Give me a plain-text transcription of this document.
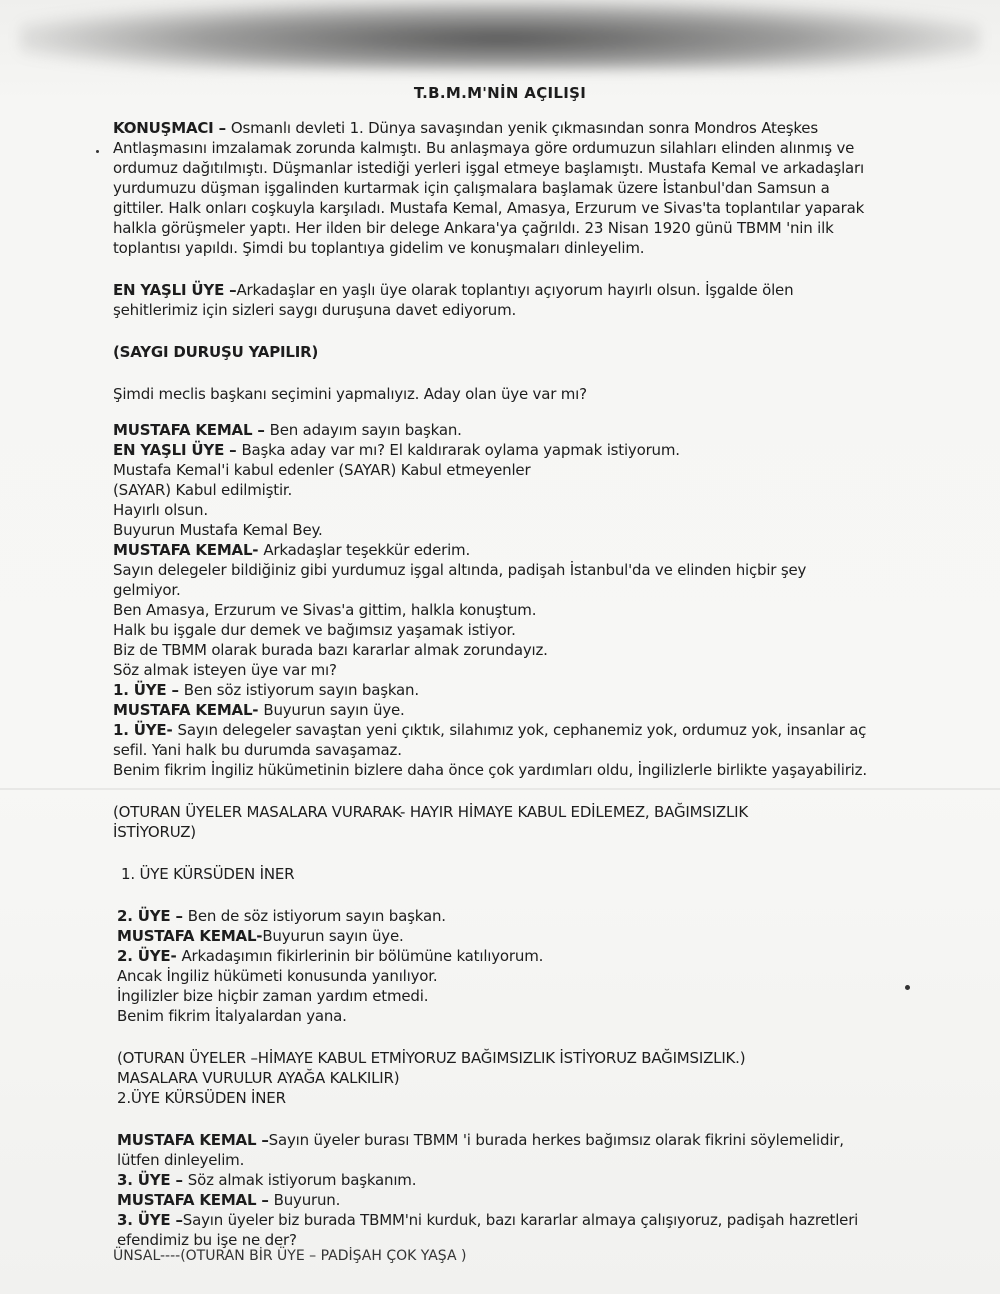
T.B.M.M'NİN AÇILIŞI

KONUŞMACI – Osmanlı devleti 1. Dünya savaşından yenik çıkmasından sonra Mondros Ateşkes Antlaşmasını imzalamak zorunda kalmıştı. Bu anlaşmaya göre ordumuzun silahları elinden alınmış ve ordumuz dağıtılmıştı. Düşmanlar istediği yerleri işgal etmeye başlamıştı. Mustafa Kemal ve arkadaşları yurdumuzu düşman işgalinden kurtarmak için çalışmalara başlamak üzere İstanbul'dan Samsun a gittiler. Halk onları coşkuyla karşıladı. Mustafa Kemal, Amasya, Erzurum ve Sivas'ta toplantılar yaparak halkla görüşmeler yaptı. Her ilden bir delege Ankara'ya çağrıldı. 23 Nisan 1920 günü TBMM 'nin ilk toplantısı yapıldı. Şimdi bu toplantıya gidelim ve konuşmaları dinleyelim.

EN YAŞLI ÜYE –Arkadaşlar en yaşlı üye olarak toplantıyı açıyorum hayırlı olsun. İşgalde ölen şehitlerimiz için sizleri saygı duruşuna davet ediyorum.

(SAYGI DURUŞU YAPILIR)

Şimdi meclis başkanı seçimini yapmalıyız. Aday olan üye var mı?

MUSTAFA KEMAL – Ben adayım sayın başkan.

EN YAŞLI ÜYE – Başka aday var mı? El kaldırarak oylama yapmak istiyorum.

Mustafa Kemal'i kabul edenler (SAYAR) Kabul etmeyenler

(SAYAR) Kabul edilmiştir.

Hayırlı olsun.

Buyurun Mustafa Kemal Bey.

MUSTAFA KEMAL- Arkadaşlar teşekkür ederim.

Sayın delegeler bildiğiniz gibi yurdumuz işgal altında, padişah İstanbul'da ve elinden hiçbir şey gelmiyor.

Ben Amasya, Erzurum ve Sivas'a gittim, halkla konuştum.

Halk bu işgale dur demek ve bağımsız yaşamak istiyor.

Biz de TBMM olarak burada bazı kararlar almak zorundayız.

Söz almak isteyen üye var mı?

1. ÜYE – Ben söz istiyorum sayın başkan.

MUSTAFA KEMAL- Buyurun sayın üye.

1. ÜYE- Sayın delegeler savaştan yeni çıktık, silahımız yok, cephanemiz yok, ordumuz yok, insanlar aç sefil. Yani halk bu durumda savaşamaz.

Benim fikrim İngiliz hükümetinin bizlere daha önce çok yardımları oldu, İngilizlerle birlikte yaşayabiliriz.

(OTURAN ÜYELER MASALARA VURARAK- HAYIR HİMAYE KABUL EDİLEMEZ, BAĞIMSIZLIK İSTİYORUZ)

1. ÜYE KÜRSÜDEN İNER

2. ÜYE – Ben de söz istiyorum sayın başkan.

MUSTAFA KEMAL-Buyurun sayın üye.

2. ÜYE- Arkadaşımın fikirlerinin bir bölümüne katılıyorum.

Ancak İngiliz hükümeti konusunda yanılıyor.

İngilizler bize hiçbir zaman yardım etmedi.

Benim fikrim İtalyalardan yana.

(OTURAN ÜYELER –HİMAYE KABUL ETMİYORUZ BAĞIMSIZLIK İSTİYORUZ BAĞIMSIZLIK.)

MASALARA VURULUR AYAĞA KALKILIR)

2.ÜYE KÜRSÜDEN İNER

MUSTAFA KEMAL –Sayın üyeler burası TBMM 'i burada herkes bağımsız olarak fikrini söylemelidir, lütfen dinleyelim.

3. ÜYE – Söz almak istiyorum başkanım.

MUSTAFA KEMAL – Buyurun.

3. ÜYE –Sayın üyeler biz burada TBMM'ni kurduk, bazı kararlar almaya çalışıyoruz, padişah hazretleri efendimiz bu işe ne der?

ÜNSAL----(OTURAN BİR ÜYE – PADİŞAH ÇOK YAŞA )
